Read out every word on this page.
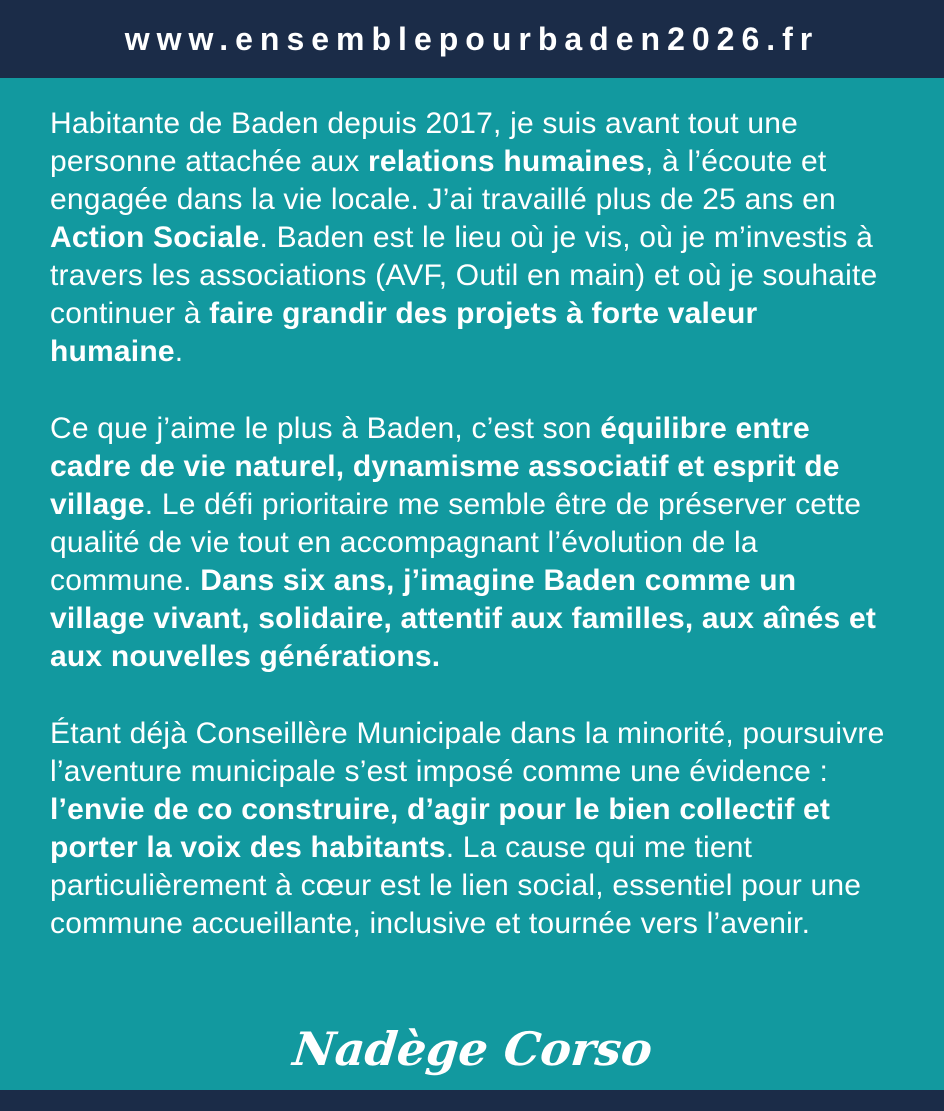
www.ensemblepourbaden2026.fr

Habitante de Baden depuis 2017, je suis avant tout une personne attachée aux relations humaines, à l’écoute et engagée dans la vie locale. J’ai travaillé plus de 25 ans en Action Sociale. Baden est le lieu où je vis, où je m’investis à travers les associations (AVF, Outil en main) et où je souhaite continuer à faire grandir des projets à forte valeur humaine.

Ce que j’aime le plus à Baden, c’est son équilibre entre cadre de vie naturel, dynamisme associatif et esprit de village. Le défi prioritaire me semble être de préserver cette qualité de vie tout en accompagnant l’évolution de la commune. Dans six ans, j’imagine Baden comme un village vivant, solidaire, attentif aux familles, aux aînés et aux nouvelles générations.

Étant déjà Conseillère Municipale dans la minorité, poursuivre l’aventure municipale s’est imposé comme une évidence : l’envie de co construire, d’agir pour le bien collectif et porter la voix des habitants. La cause qui me tient particulièrement à cœur est le lien social, essentiel pour une commune accueillante, inclusive et tournée vers l’avenir.

Nadège Corso
